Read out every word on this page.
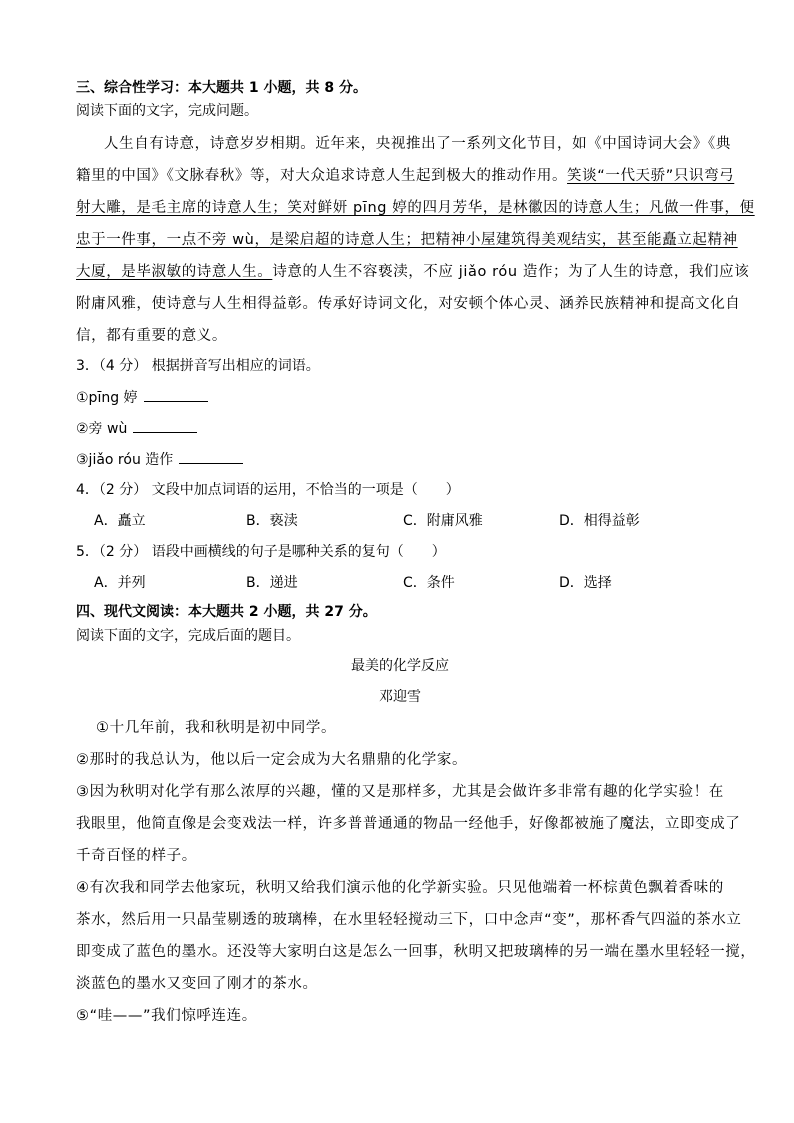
三、综合性学习：本大题共 1 小题，共 8 分。
阅读下面的文字，完成问题。
人生自有诗意，诗意岁岁相期。近年来，央视推出了一系列文化节目，如《中国诗词大会》《典
籍里的中国》《文脉春秋》等，对大众追求诗意人生起到极大的推动作用。笑谈“一代天骄”只识弯弓
射大雕，是毛主席的诗意人生；笑对鲜妍 pīng 婷的四月芳华，是林徽因的诗意人生；凡做一件事，便
忠于一件事，一点不旁 wù，是梁启超的诗意人生；把精神小屋建筑得美观结实，甚至能矗立起精神
大厦，是毕淑敏的诗意人生。诗意的人生不容亵渎，不应 jiǎo róu 造作；为了人生的诗意，我们应该
附庸风雅，使诗意与人生相得益彰。传承好诗词文化，对安顿个体心灵、涵养民族精神和提高文化自
信，都有重要的意义。
3．（4 分） 根据拼音写出相应的词语。
①pīng 婷
②旁 wù
③jiǎo róu 造作
4．（2 分） 文段中加点词语的运用，不恰当的一项是（　　）
A．矗立	B．亵渎	C．附庸风雅	D．相得益彰
5．（2 分） 语段中画横线的句子是哪种关系的复句（　　）
A．并列	B．递进	C．条件	D．选择
四、现代文阅读：本大题共 2 小题，共 27 分。
阅读下面的文字，完成后面的题目。
最美的化学反应
邓迎雪
①十几年前，我和秋明是初中同学。
②那时的我总认为，他以后一定会成为大名鼎鼎的化学家。
③因为秋明对化学有那么浓厚的兴趣，懂的又是那样多，尤其是会做许多非常有趣的化学实验！在
我眼里，他简直像是会变戏法一样，许多普普通通的物品一经他手，好像都被施了魔法，立即变成了
千奇百怪的样子。
④有次我和同学去他家玩，秋明又给我们演示他的化学新实验。只见他端着一杯棕黄色飘着香味的
茶水，然后用一只晶莹剔透的玻璃棒，在水里轻轻搅动三下，口中念声“变”，那杯香气四溢的茶水立
即变成了蓝色的墨水。还没等大家明白这是怎么一回事，秋明又把玻璃棒的另一端在墨水里轻轻一搅，
淡蓝色的墨水又变回了刚才的茶水。
⑤“哇——”我们惊呼连连。
